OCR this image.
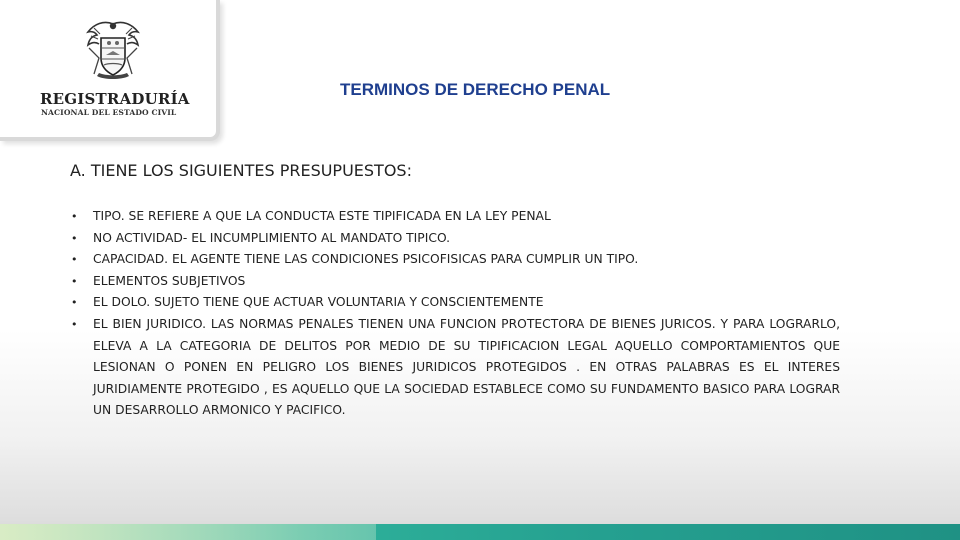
REGISTRADURÍA
NACIONAL DEL ESTADO CIVIL
TERMINOS DE DERECHO PENAL
A. TIENE LOS SIGUIENTES PRESUPUESTOS:
• TIPO. SE REFIERE A QUE LA CONDUCTA ESTE TIPIFICADA EN LA LEY PENAL
• NO ACTIVIDAD- EL INCUMPLIMIENTO AL MANDATO TIPICO.
• CAPACIDAD. EL AGENTE TIENE LAS CONDICIONES PSICOFISICAS PARA CUMPLIR UN TIPO.
• ELEMENTOS SUBJETIVOS
• EL DOLO. SUJETO TIENE QUE ACTUAR VOLUNTARIA Y CONSCIENTEMENTE
• EL BIEN JURIDICO. LAS NORMAS PENALES TIENEN UNA FUNCION PROTECTORA DE BIENES JURICOS. Y PARA LOGRARLO, ELEVA A LA CATEGORIA DE DELITOS POR MEDIO DE SU TIPIFICACION LEGAL AQUELLO COMPORTAMIENTOS QUE LESIONAN O PONEN EN PELIGRO LOS BIENES JURIDICOS PROTEGIDOS . EN OTRAS PALABRAS ES EL INTERES JURIDIAMENTE PROTEGIDO , ES AQUELLO QUE LA SOCIEDAD ESTABLECE COMO SU FUNDAMENTO BASICO PARA LOGRAR UN DESARROLLO ARMONICO Y PACIFICO.
